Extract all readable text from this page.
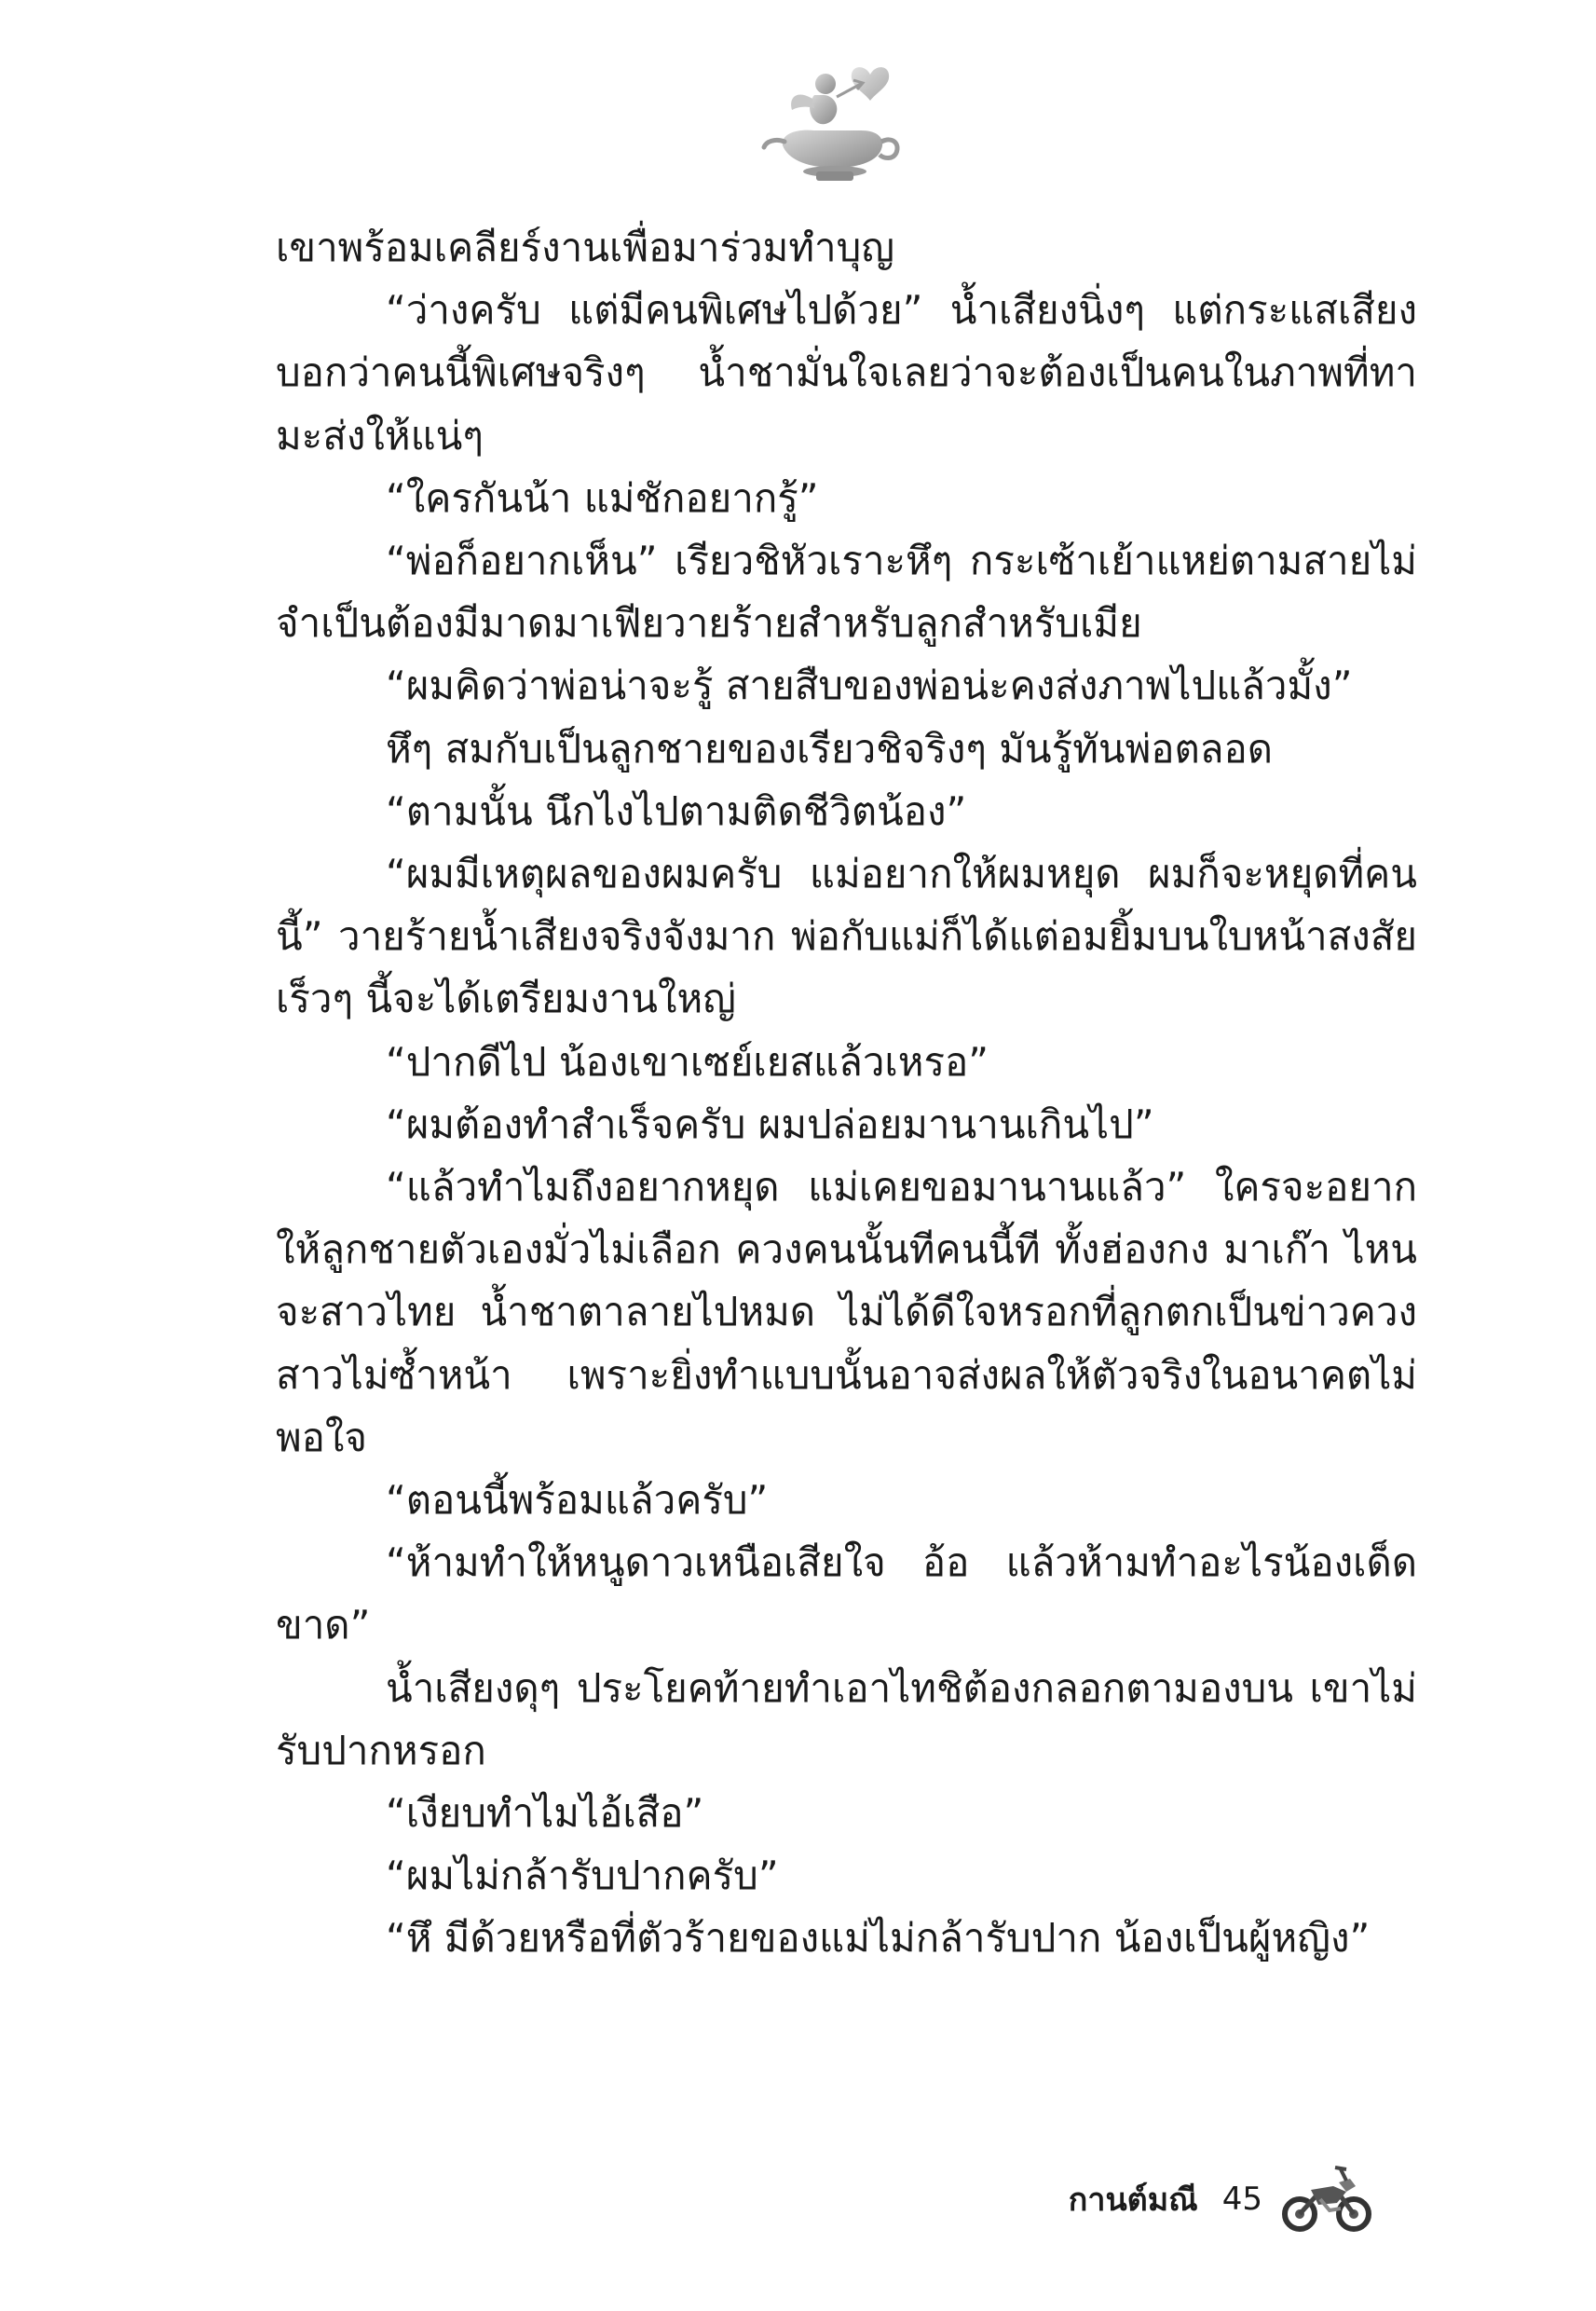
เขาพร้อมเคลียร์งานเพื่อมาร่วมทำบุญ

“ว่างครับ แต่มีคนพิเศษไปด้วย” น้ำเสียงนิ่งๆ แต่กระแสเสียงบอกว่าคนนี้พิเศษจริงๆ น้ำชามั่นใจเลยว่าจะต้องเป็นคนในภาพที่ทามะส่งให้แน่ๆ

“ใครกันน้า แม่ชักอยากรู้”

“พ่อก็อยากเห็น” เรียวชิหัวเราะหึๆ กระเซ้าเย้าแหย่ตามสายไม่จำเป็นต้องมีมาดมาเฟียวายร้ายสำหรับลูกสำหรับเมีย

“ผมคิดว่าพ่อน่าจะรู้ สายสืบของพ่อน่ะคงส่งภาพไปแล้วมั้ง”

หึๆ สมกับเป็นลูกชายของเรียวชิจริงๆ มันรู้ทันพ่อตลอด

“ตามนั้น นึกไงไปตามติดชีวิตน้อง”

“ผมมีเหตุผลของผมครับ แม่อยากให้ผมหยุด ผมก็จะหยุดที่คนนี้” วายร้ายน้ำเสียงจริงจังมาก พ่อกับแม่ก็ได้แต่อมยิ้มบนใบหน้าสงสัยเร็วๆ นี้จะได้เตรียมงานใหญ่

“ปากดีไป น้องเขาเซย์เยสแล้วเหรอ”

“ผมต้องทำสำเร็จครับ ผมปล่อยมานานเกินไป”

“แล้วทำไมถึงอยากหยุด แม่เคยขอมานานแล้ว” ใครจะอยากให้ลูกชายตัวเองมั่วไม่เลือก ควงคนนั้นทีคนนี้ที ทั้งฮ่องกง มาเก๊า ไหนจะสาวไทย น้ำชาตาลายไปหมด ไม่ได้ดีใจหรอกที่ลูกตกเป็นข่าวควงสาวไม่ซ้ำหน้า เพราะยิ่งทำแบบนั้นอาจส่งผลให้ตัวจริงในอนาคตไม่พอใจ

“ตอนนี้พร้อมแล้วครับ”

“ห้ามทำให้หนูดาวเหนือเสียใจ อ้อ แล้วห้ามทำอะไรน้องเด็ดขาด”

น้ำเสียงดุๆ ประโยคท้ายทำเอาไทชิต้องกลอกตามองบน เขาไม่รับปากหรอก

“เงียบทำไมไอ้เสือ”

“ผมไม่กล้ารับปากครับ”

“หึ มีด้วยหรือที่ตัวร้ายของแม่ไม่กล้ารับปาก น้องเป็นผู้หญิง”

กานต์มณี 45
